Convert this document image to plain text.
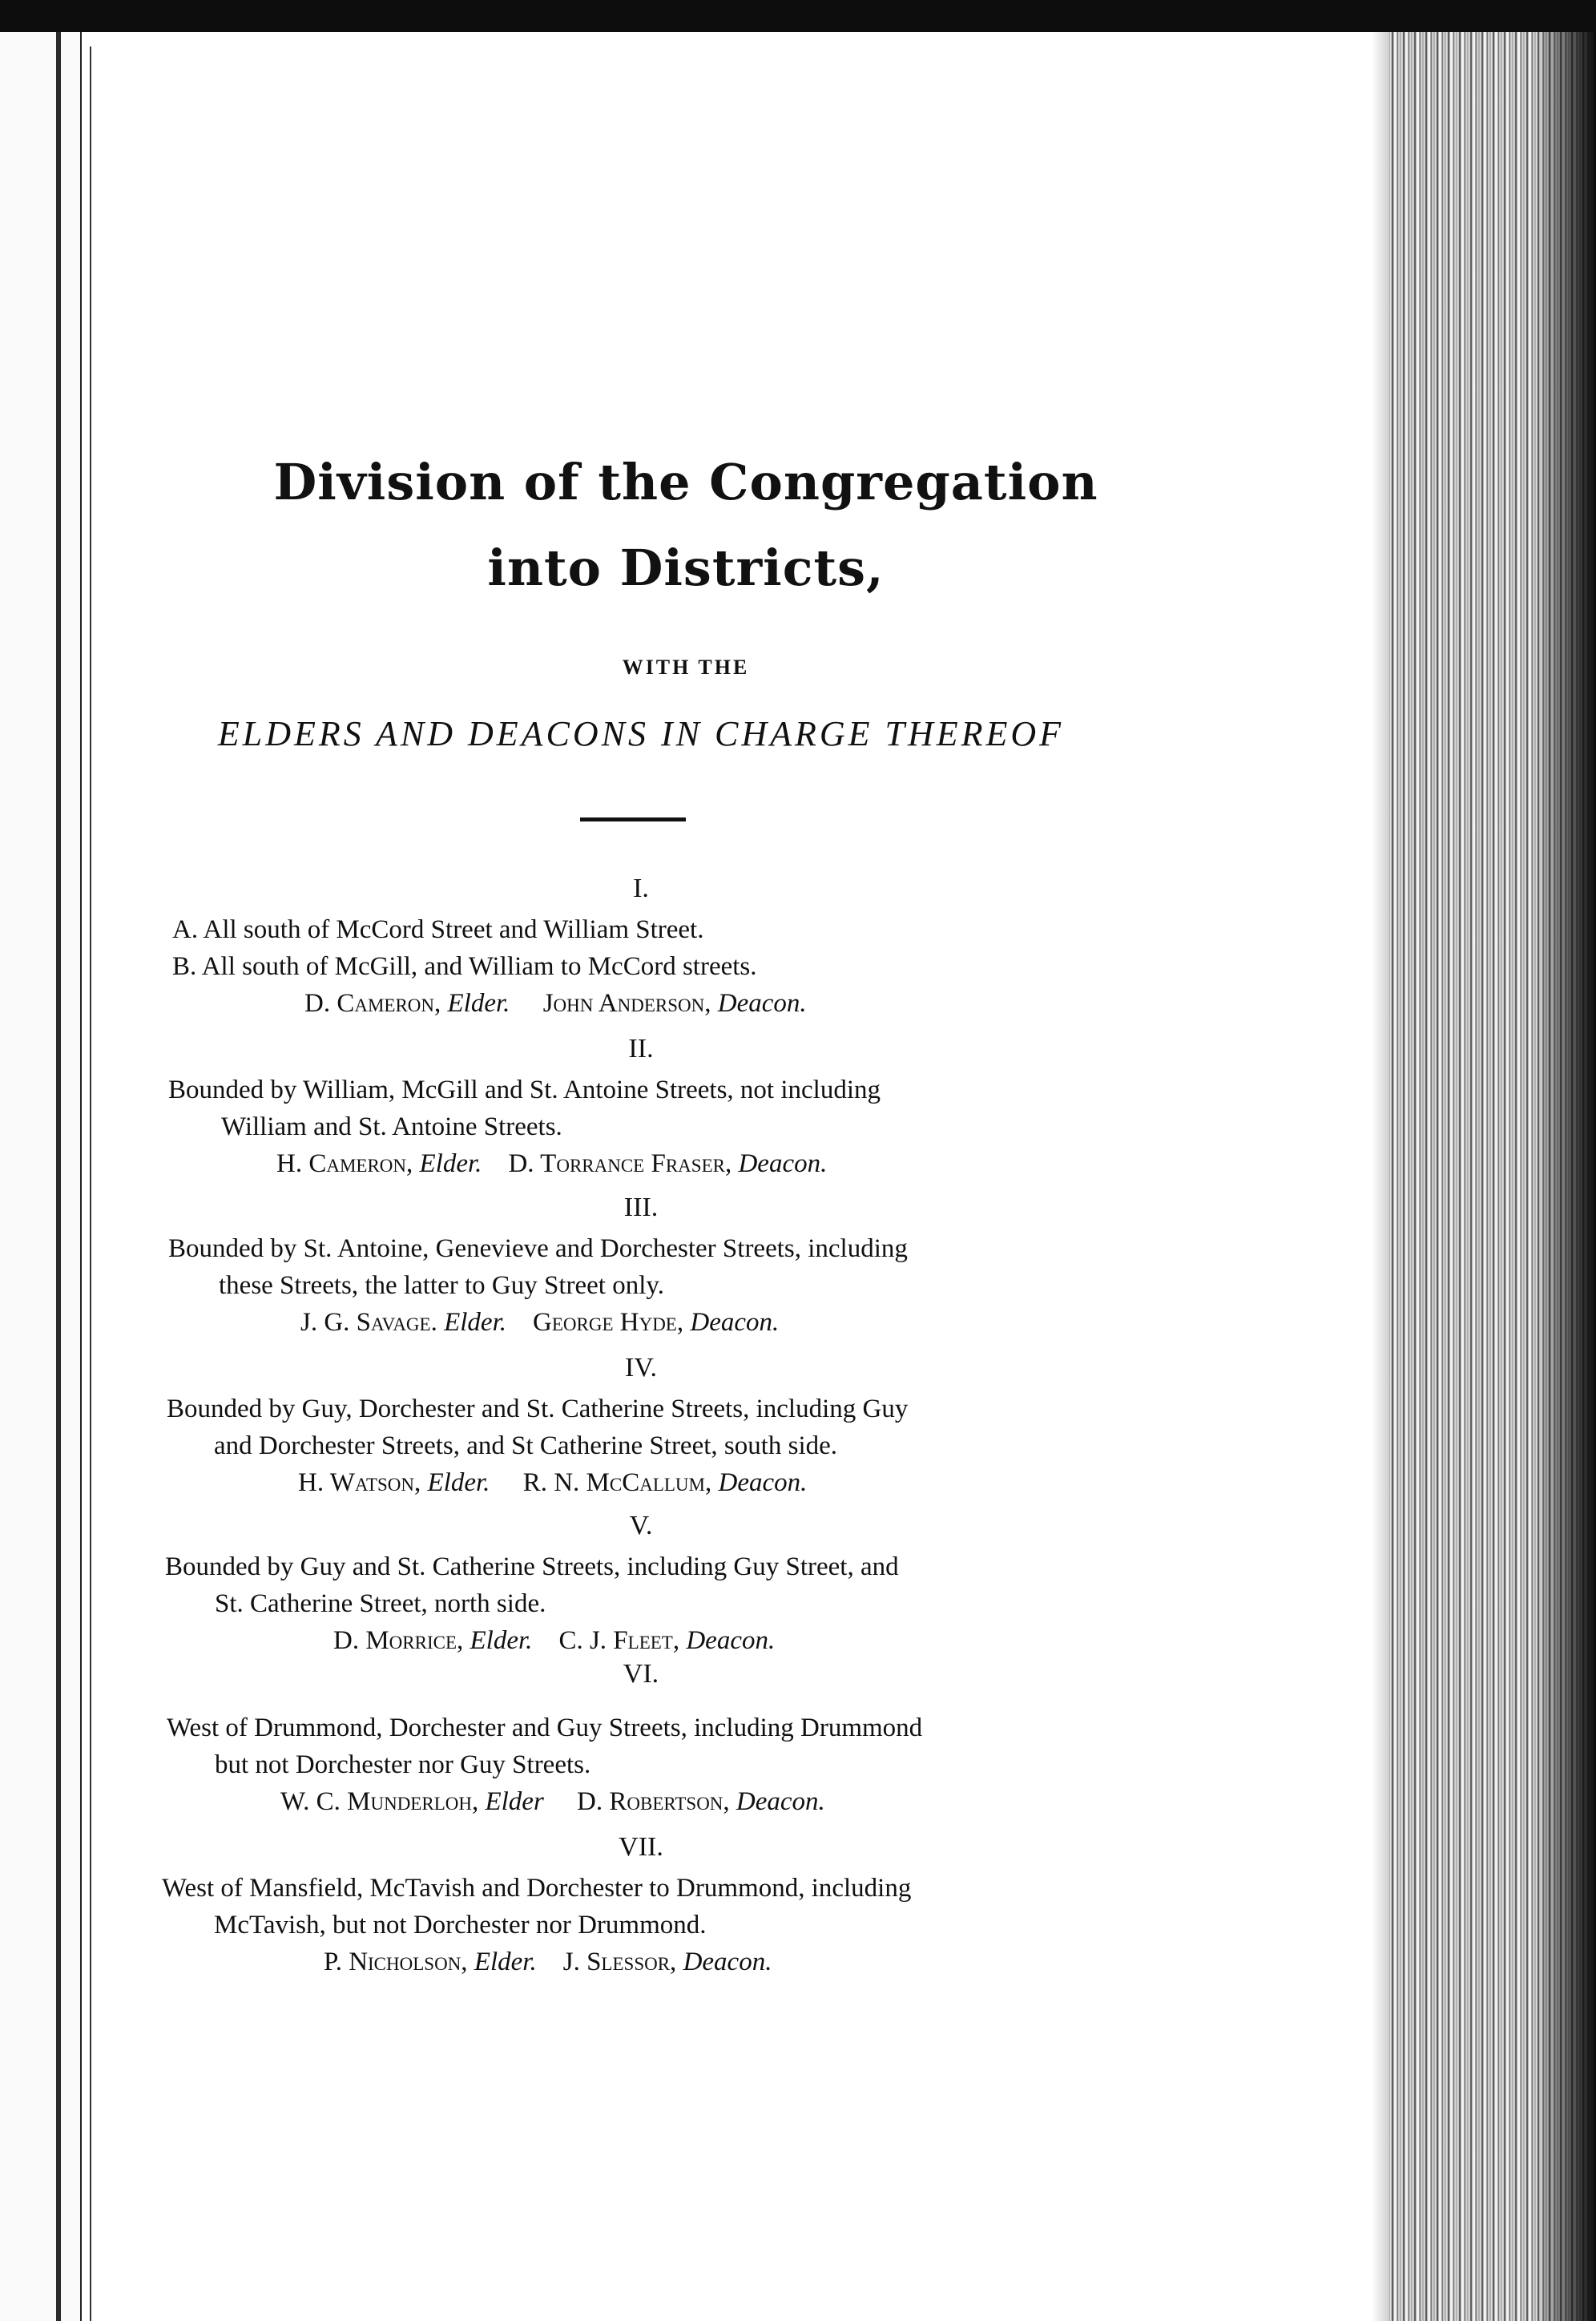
Division of the Congregation
into Districts,
WITH THE
ELDERS AND DEACONS IN CHARGE THEREOF
I.
A. All south of McCord Street and William Street.
B. All south of McGill, and William to McCord streets.
D. Cameron, Elder. John Anderson, Deacon.
II.
Bounded by William, McGill and St. Antoine Streets, not including
William and St. Antoine Streets.
H. Cameron, Elder. D. Torrance Fraser, Deacon.
III.
Bounded by St. Antoine, Genevieve and Dorchester Streets, including
these Streets, the latter to Guy Street only.
J. G. Savage. Elder. George Hyde, Deacon.
IV.
Bounded by Guy, Dorchester and St. Catherine Streets, including Guy
and Dorchester Streets, and St Catherine Street, south side.
H. Watson, Elder. R. N. McCallum, Deacon.
V.
Bounded by Guy and St. Catherine Streets, including Guy Street, and
St. Catherine Street, north side.
D. Morrice, Elder. C. J. Fleet, Deacon.
VI.
West of Drummond, Dorchester and Guy Streets, including Drummond
but not Dorchester nor Guy Streets.
W. C. Munderloh, Elder D. Robertson, Deacon.
VII.
West of Mansfield, McTavish and Dorchester to Drummond, including
McTavish, but not Dorchester nor Drummond.
P. Nicholson, Elder. J. Slessor, Deacon.
